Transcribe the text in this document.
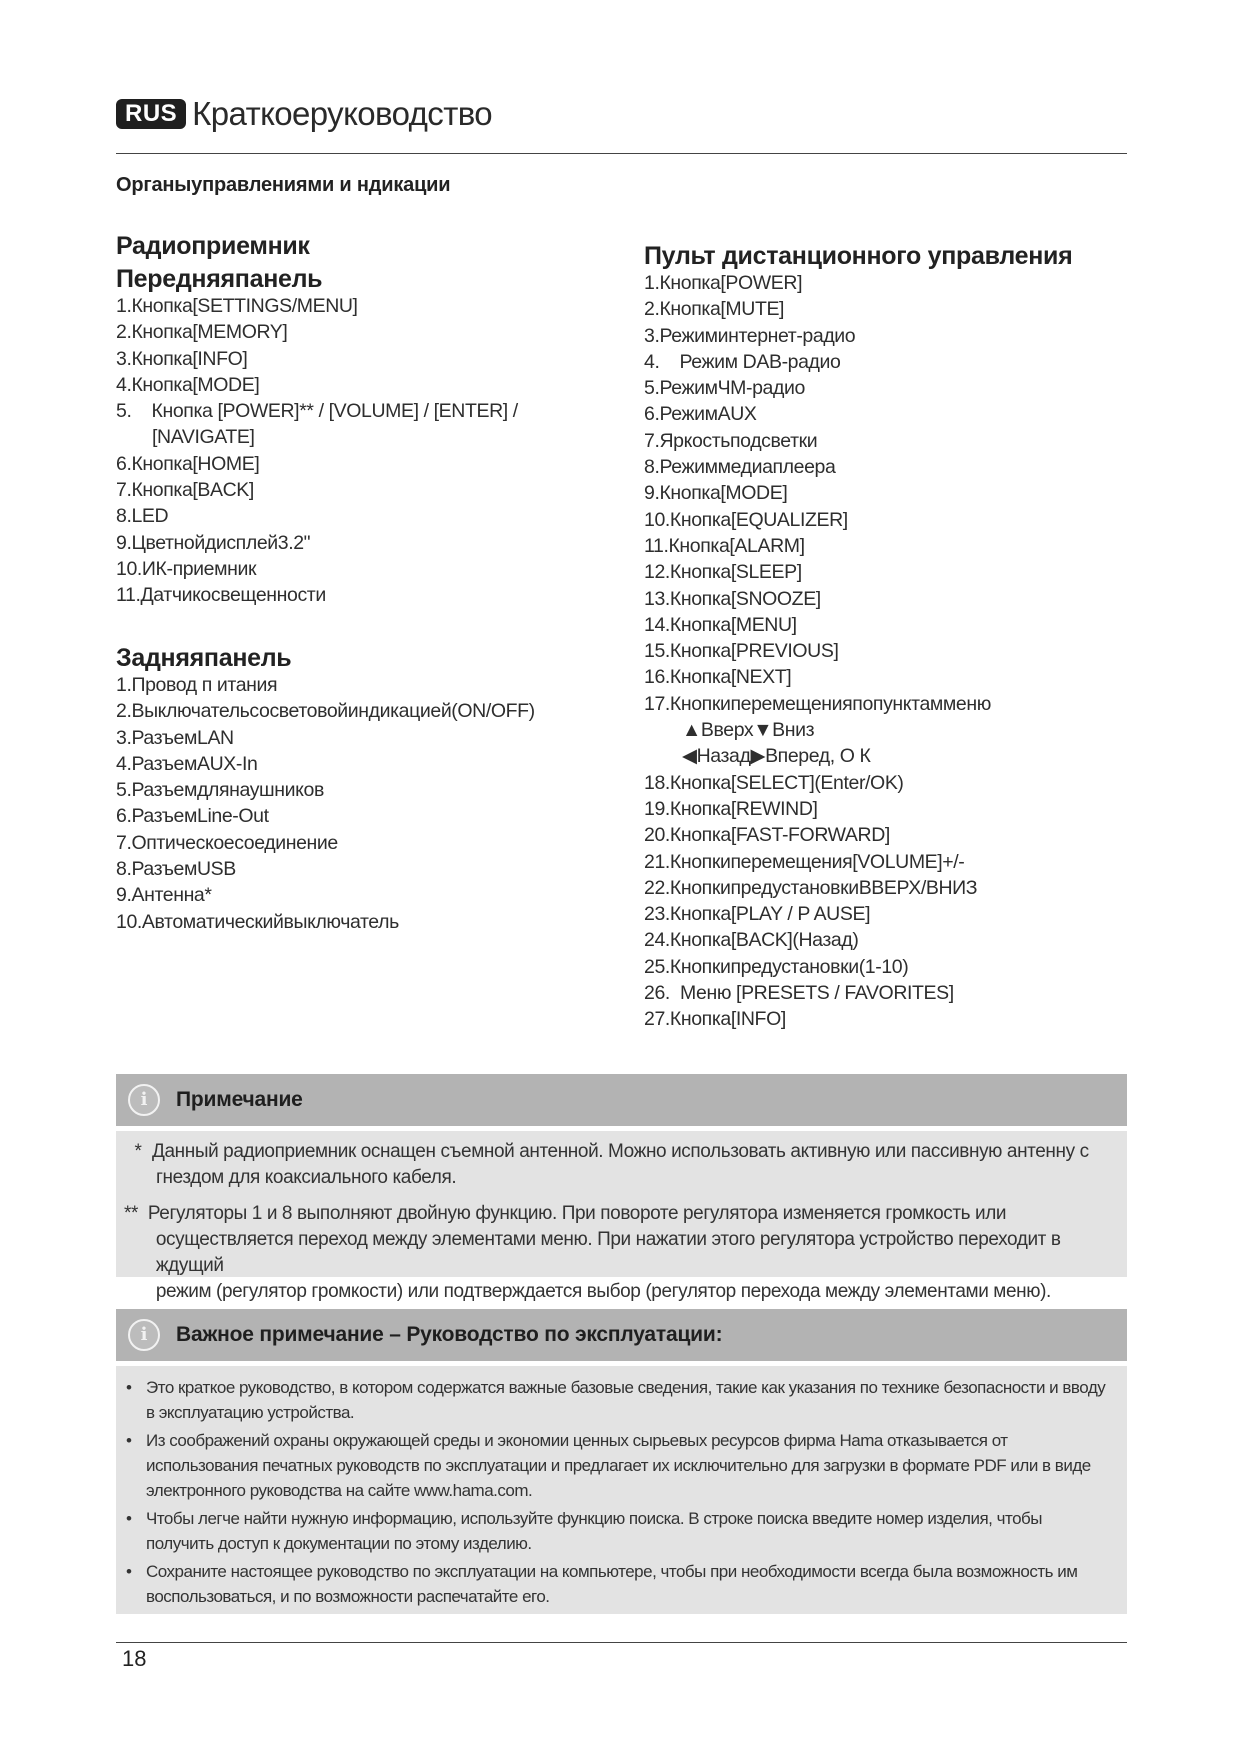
RUS Краткоеруководство
Органыуправлениями и ндикации
Радиоприемник
Передняяпанель
1.Кнопка[SETTINGS/MENU]
2.Кнопка[MEMORY]
3.Кнопка[INFO]
4.Кнопка[MODE]
5.    Кнопка [POWER]** / [VOLUME] / [ENTER] /
[NAVIGATE]
6.Кнопка[HOME]
7.Кнопка[BACK]
8.LED
9.Цветнойдисплей3.2"
10.ИК-приемник
11.Датчикосвещенности
Задняяпанель
1.Провод п итания
2.Выключательсосветовойиндикацией(ON/OFF)
3.РазъемLAN
4.РазъемAUX-In
5.Разъемдлянаушников
6.РазъемLine-Out
7.Оптическоесоединение
8.РазъемUSB
9.Антенна*
10.Автоматическийвыключатель
Пульт дистанционного управления
1.Кнопка[POWER]
2.Кнопка[MUTE]
3.Режиминтернет-радио
4.    Режим DAB-радио
5.РежимЧМ-радио
6.РежимAUX
7.Яркостьподсветки
8.Режиммедиаплеера
9.Кнопка[MODE]
10.Кнопка[EQUALIZER]
11.Кнопка[ALARM]
12.Кнопка[SLEEP]
13.Кнопка[SNOOZE]
14.Кнопка[MENU]
15.Кнопка[PREVIOUS]
16.Кнопка[NEXT]
17.Кнопкиперемещенияпопунктамменю
▲Вверх▼Вниз
◀Назад▶Вперед, О К
18.Кнопка[SELECT](Enter/OK)
19.Кнопка[REWIND]
20.Кнопка[FAST-FORWARD]
21.Кнопкиперемещения[VOLUME]+/-
22.КнопкипредустановкиВВЕРХ/ВНИЗ
23.Кнопка[PLAY / P AUSE]
24.Кнопка[BACK](Назад)
25.Кнопкипредустановки(1-10)
26.  Меню [PRESETS / FAVORITES]
27.Кнопка[INFO]
i	Примечание
* Данный радиоприемник оснащен съемной антенной. Можно использовать активную или пассивную антенну с

гнездом для коаксиального кабеля.

** Регуляторы 1 и 8 выполняют двойную функцию. При повороте регулятора изменяется громкость или

осуществляется переход между элементами меню. При нажатии этого регулятора устройство переходит в ждущий

режим (регулятор громкости) или подтверждается выбор (регулятор перехода между элементами меню).

i	Важное примечание – Руководство по эксплуатации:
• Это краткое руководство, в котором содержатся важные базовые сведения, такие как указания по технике безопасности и вводу

в эксплуатацию устройства.

• Из соображений охраны окружающей среды и экономии ценных сырьевых ресурсов фирма Hama отказывается от

использования печатных руководств по эксплуатации и предлагает их исключительно для загрузки в формате PDF или в виде

электронного руководства на сайте www.hama.com.

• Чтобы легче найти нужную информацию, используйте функцию поиска. В строке поиска введите номер изделия, чтобы

получить доступ к документации по этому изделию.

• Сохраните настоящее руководство по эксплуатации на компьютере, чтобы при необходимости всегда была возможность им

воспользоваться, и по возможности распечатайте его.

18
